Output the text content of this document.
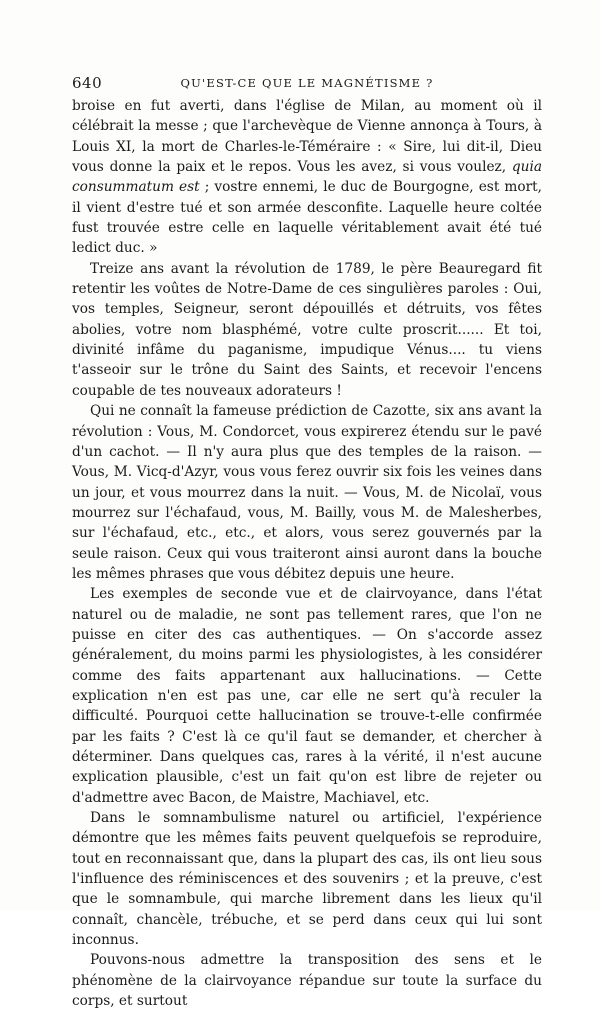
640	QU'EST-CE QUE LE MAGNÉTISME ?

broise en fut averti, dans l'église de Milan, au moment où il célébrait la messe ; que l'archevèque de Vienne annonça à Tours, à Louis XI, la mort de Charles-le-Téméraire : « Sire, lui dit-il, Dieu vous donne la paix et le repos. Vous les avez, si vous voulez, quia consummatum est ; vostre ennemi, le duc de Bourgogne, est mort, il vient d'estre tué et son armée desconfite. Laquelle heure coltée fust trouvée estre celle en laquelle véritablement avait été tué ledict duc. »

Treize ans avant la révolution de 1789, le père Beauregard fit retentir les voûtes de Notre-Dame de ces singulières paroles : Oui, vos temples, Seigneur, seront dépouillés et détruits, vos fêtes abolies, votre nom blasphémé, votre culte proscrit...... Et toi, divinité infâme du paganisme, impudique Vénus.... tu viens t'asseoir sur le trône du Saint des Saints, et recevoir l'encens coupable de tes nouveaux adorateurs !

Qui ne connaît la fameuse prédiction de Cazotte, six ans avant la révolution : Vous, M. Condorcet, vous expirerez étendu sur le pavé d'un cachot. — Il n'y aura plus que des temples de la raison. — Vous, M. Vicq-d'Azyr, vous vous ferez ouvrir six fois les veines dans un jour, et vous mourrez dans la nuit. — Vous, M. de Nicolaï, vous mourrez sur l'échafaud, vous, M. Bailly, vous M. de Malesherbes, sur l'échafaud, etc., etc., et alors, vous serez gouvernés par la seule raison. Ceux qui vous traiteront ainsi auront dans la bouche les mêmes phrases que vous débitez depuis une heure.

Les exemples de seconde vue et de clairvoyance, dans l'état naturel ou de maladie, ne sont pas tellement rares, que l'on ne puisse en citer des cas authentiques. — On s'accorde assez généralement, du moins parmi les physiologistes, à les considérer comme des faits appartenant aux hallucinations. — Cette explication n'en est pas une, car elle ne sert qu'à reculer la difficulté. Pourquoi cette hallucination se trouve-t-elle confirmée par les faits ? C'est là ce qu'il faut se demander, et chercher à déterminer. Dans quelques cas, rares à la vérité, il n'est aucune explication plausible, c'est un fait qu'on est libre de rejeter ou d'admettre avec Bacon, de Maistre, Machiavel, etc.

Dans le somnambulisme naturel ou artificiel, l'expérience démontre que les mêmes faits peuvent quelquefois se reproduire, tout en reconnaissant que, dans la plupart des cas, ils ont lieu sous l'influence des réminiscences et des souvenirs ; et la preuve, c'est que le somnambule, qui marche librement dans les lieux qu'il connaît, chancèle, trébuche, et se perd dans ceux qui lui sont inconnus.

Pouvons-nous admettre la transposition des sens et le phénomène de la clairvoyance répandue sur toute la surface du corps, et surtout
